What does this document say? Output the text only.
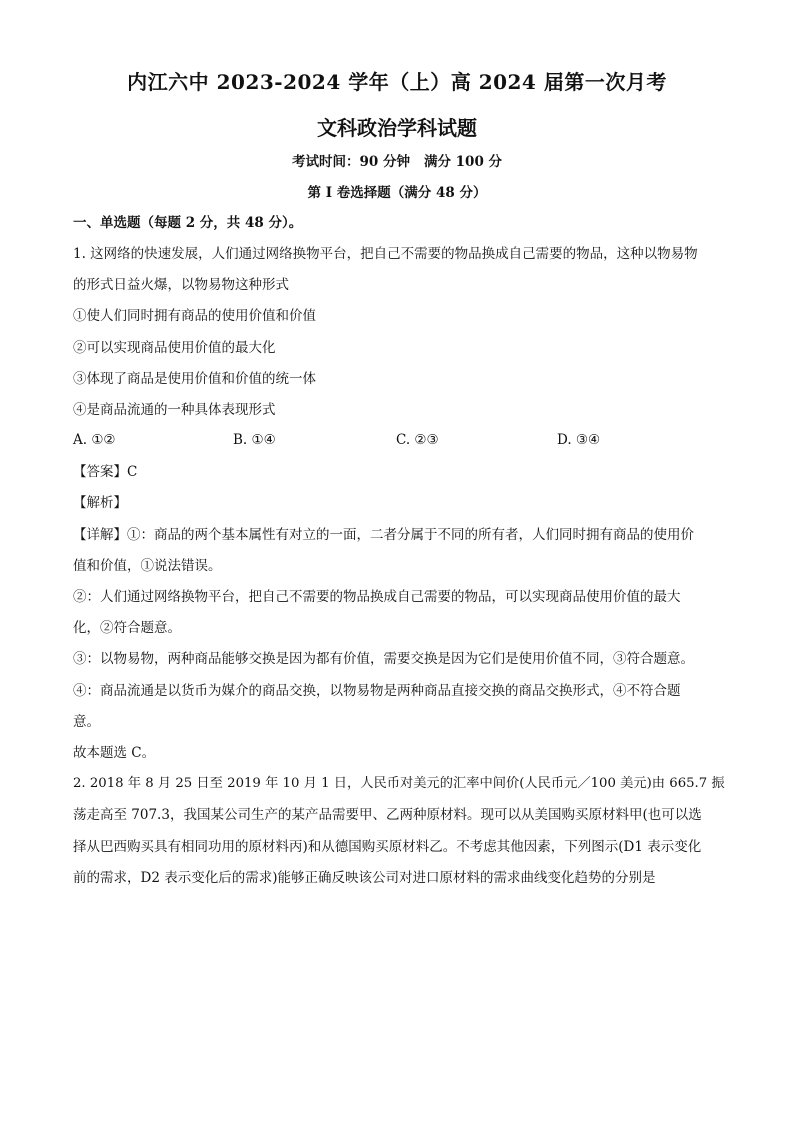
内江六中 2023-2024 学年（上）高 2024 届第一次月考
文科政治学科试题
考试时间：90 分钟 满分 100 分
第 I 卷选择题（满分 48 分）
一、单选题（每题 2 分，共 48 分）。
1. 这网络的快速发展，人们通过网络换物平台，把自己不需要的物品换成自己需要的物品，这种以物易物
的形式日益火爆，以物易物这种形式
①使人们同时拥有商品的使用价值和价值
②可以实现商品使用价值的最大化
③体现了商品是使用价值和价值的统一体
④是商品流通的一种具体表现形式
A. ①②	B. ①④	C. ②③	D. ③④
【答案】C
【解析】
【详解】①：商品的两个基本属性有对立的一面，二者分属于不同的所有者，人们同时拥有商品的使用价
值和价值，①说法错误。
②：人们通过网络换物平台，把自己不需要的物品换成自己需要的物品，可以实现商品使用价值的最大
化，②符合题意。
③：以物易物，两种商品能够交换是因为都有价值，需要交换是因为它们是使用价值不同，③符合题意。
④：商品流通是以货币为媒介的商品交换，以物易物是两种商品直接交换的商品交换形式，④不符合题
意。
故本题选 C。
2. 2018 年 8 月 25 日至 2019 年 10 月 1 日，人民币对美元的汇率中间价(人民币元／100 美元)由 665.7 振
荡走高至 707.3，我国某公司生产的某产品需要甲、乙两种原材料。现可以从美国购买原材料甲(也可以选
择从巴西购买具有相同功用的原材料丙)和从德国购买原材料乙。不考虑其他因素，下列图示(D1 表示变化
前的需求，D2 表示变化后的需求)能够正确反映该公司对进口原材料的需求曲线变化趋势的分别是
